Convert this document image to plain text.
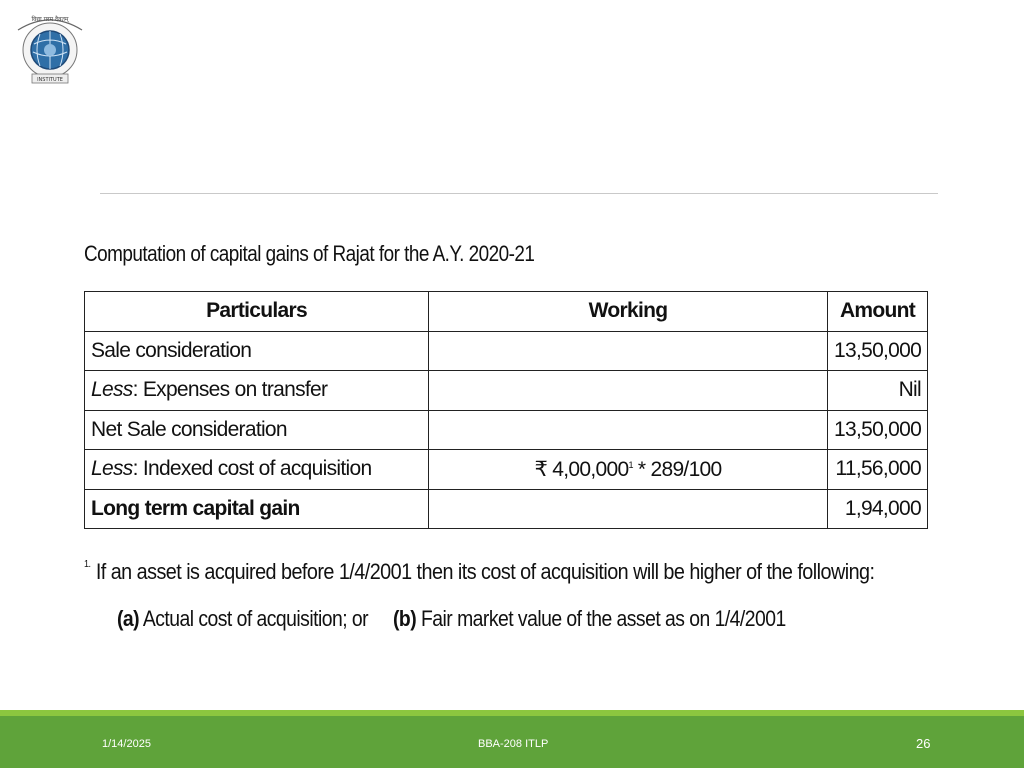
विद्या परम दैवतम्
INSTITUTE
Computation of capital gains of Rajat for the A.Y. 2020-21
Particulars	Working	Amount
Sale consideration		13,50,000
Less: Expenses on transfer		Nil
Net Sale consideration		13,50,000
Less: Indexed cost of acquisition	₹ 4,00,000$^1$ * 289/100	11,56,000
Long term capital gain		1,94,000
$^{1.}$ If an asset is acquired before 1/4/2001 then its cost of acquisition will be higher of the following:
(a) Actual cost of acquisition; or (b) Fair market value of the asset as on 1/4/2001
1/14/2025	BBA-208 ITLP	26
